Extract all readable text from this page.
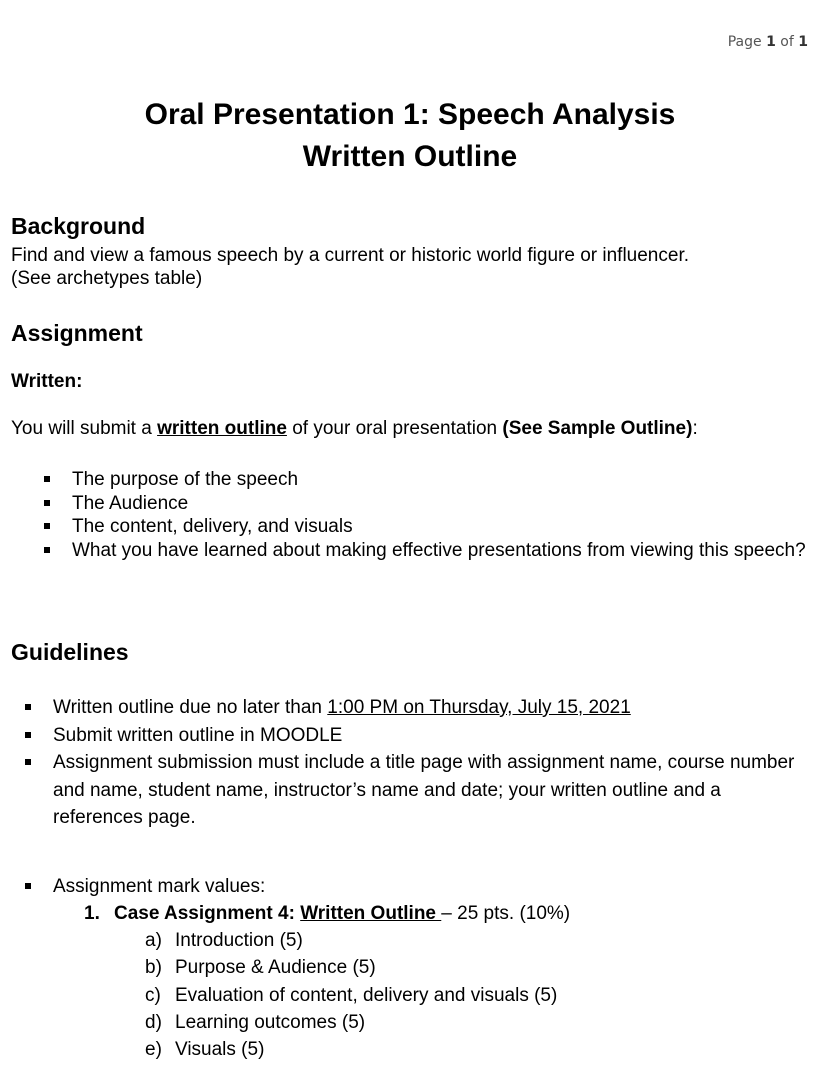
Page 1 of 1
Oral Presentation 1: Speech Analysis
Written Outline
Background
Find and view a famous speech by a current or historic world figure or influencer.
(See archetypes table)
Assignment
Written:
You will submit a written outline of your oral presentation (See Sample Outline):
The purpose of the speech
The Audience
The content, delivery, and visuals
What you have learned about making effective presentations from viewing this speech?
Guidelines
Written outline due no later than 1:00 PM on Thursday, July 15, 2021
Submit written outline in MOODLE
Assignment submission must include a title page with assignment name, course number and name, student name, instructor’s name and date; your written outline and a references page.
Assignment mark values:
1. Case Assignment 4: Written Outline – 25 pts. (10%)
a) Introduction (5)
b) Purpose & Audience (5)
c) Evaluation of content, delivery and visuals (5)
d) Learning outcomes (5)
e) Visuals (5)
